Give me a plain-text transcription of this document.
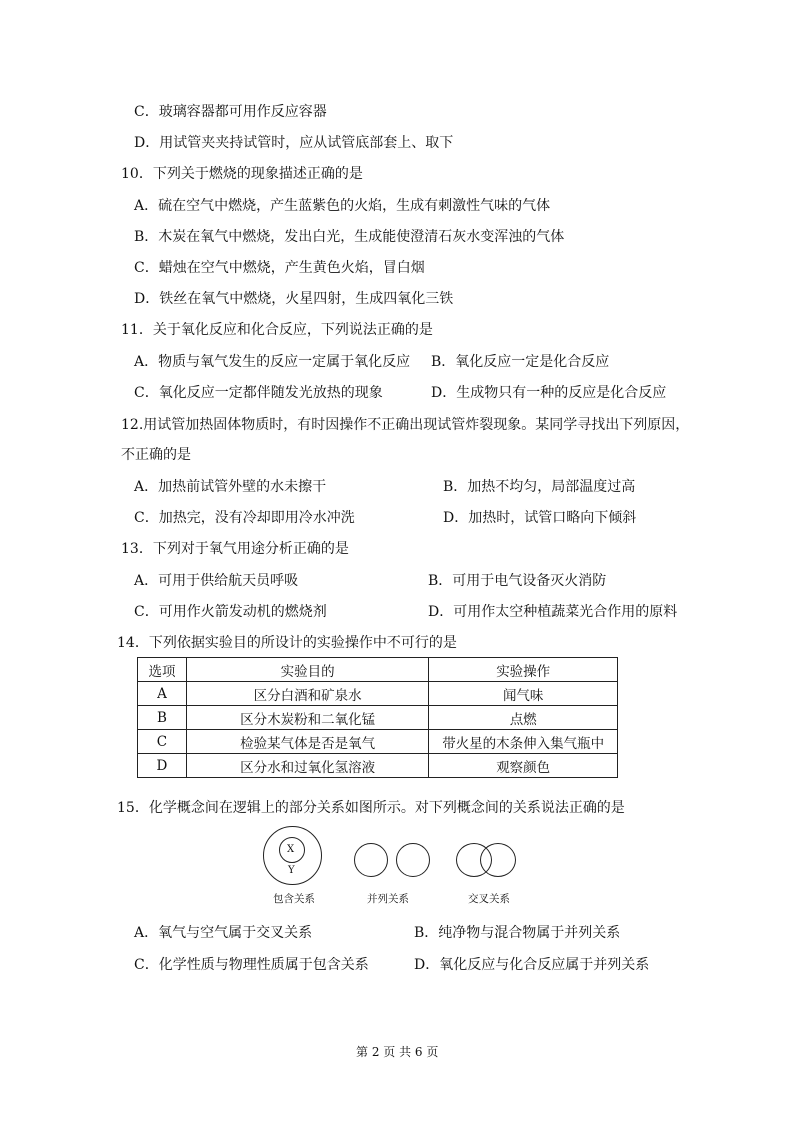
C．玻璃容器都可用作反应容器
D．用试管夹夹持试管时，应从试管底部套上、取下
10．下列关于燃烧的现象描述正确的是
A．硫在空气中燃烧，产生蓝紫色的火焰，生成有刺激性气味的气体
B．木炭在氧气中燃烧，发出白光，生成能使澄清石灰水变浑浊的气体
C．蜡烛在空气中燃烧，产生黄色火焰，冒白烟
D．铁丝在氧气中燃烧，火星四射，生成四氧化三铁
11．关于氧化反应和化合反应，下列说法正确的是
A．物质与氧气发生的反应一定属于氧化反应 B．氧化反应一定是化合反应
C．氧化反应一定都伴随发光放热的现象	D．生成物只有一种的反应是化合反应
12.用试管加热固体物质时，有时因操作不正确出现试管炸裂现象。某同学寻找出下列原因，
不正确的是
A．加热前试管外壁的水未擦干	B．加热不均匀，局部温度过高
C．加热完，没有冷却即用冷水冲洗	D．加热时，试管口略向下倾斜
13．下列对于氧气用途分析正确的是
A．可用于供给航天员呼吸	B．可用于电气设备灭火消防
C．可用作火箭发动机的燃烧剂	D．可用作太空种植蔬菜光合作用的原料
14．下列依据实验目的所设计的实验操作中不可行的是
选项	实验目的	实验操作
A	区分白酒和矿泉水	闻气味
B	区分木炭粉和二氧化锰	点燃
C	检验某气体是否是氧气	带火星的木条伸入集气瓶中
D	区分水和过氧化氢溶液	观察颜色
15．化学概念间在逻辑上的部分关系如图所示。对下列概念间的关系说法正确的是
X
Y
包含关系	并列关系	交叉关系
A．氧气与空气属于交叉关系	B．纯净物与混合物属于并列关系
C．化学性质与物理性质属于包含关系	D．氧化反应与化合反应属于并列关系
第 2 页 共 6 页
